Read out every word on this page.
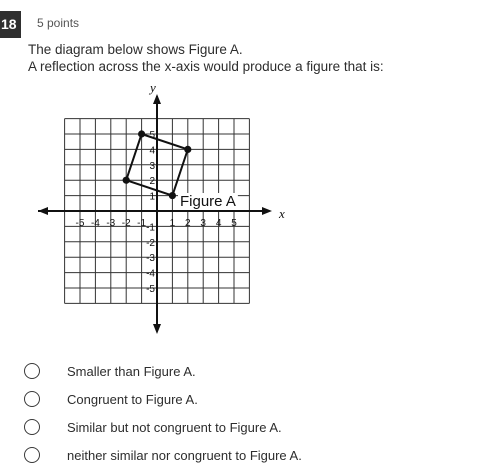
18	5 points
The diagram below shows Figure A.
A reflection across the x-axis would produce a figure that is:
-5 -4 -3 -2 -1 1 2 3 4 5
5
4
3
2
1
-1
-2
-3
-4
-5
x
y
Figure A
Smaller than Figure A.
Congruent to Figure A.
Similar but not congruent to Figure A.
neither similar nor congruent to Figure A.
